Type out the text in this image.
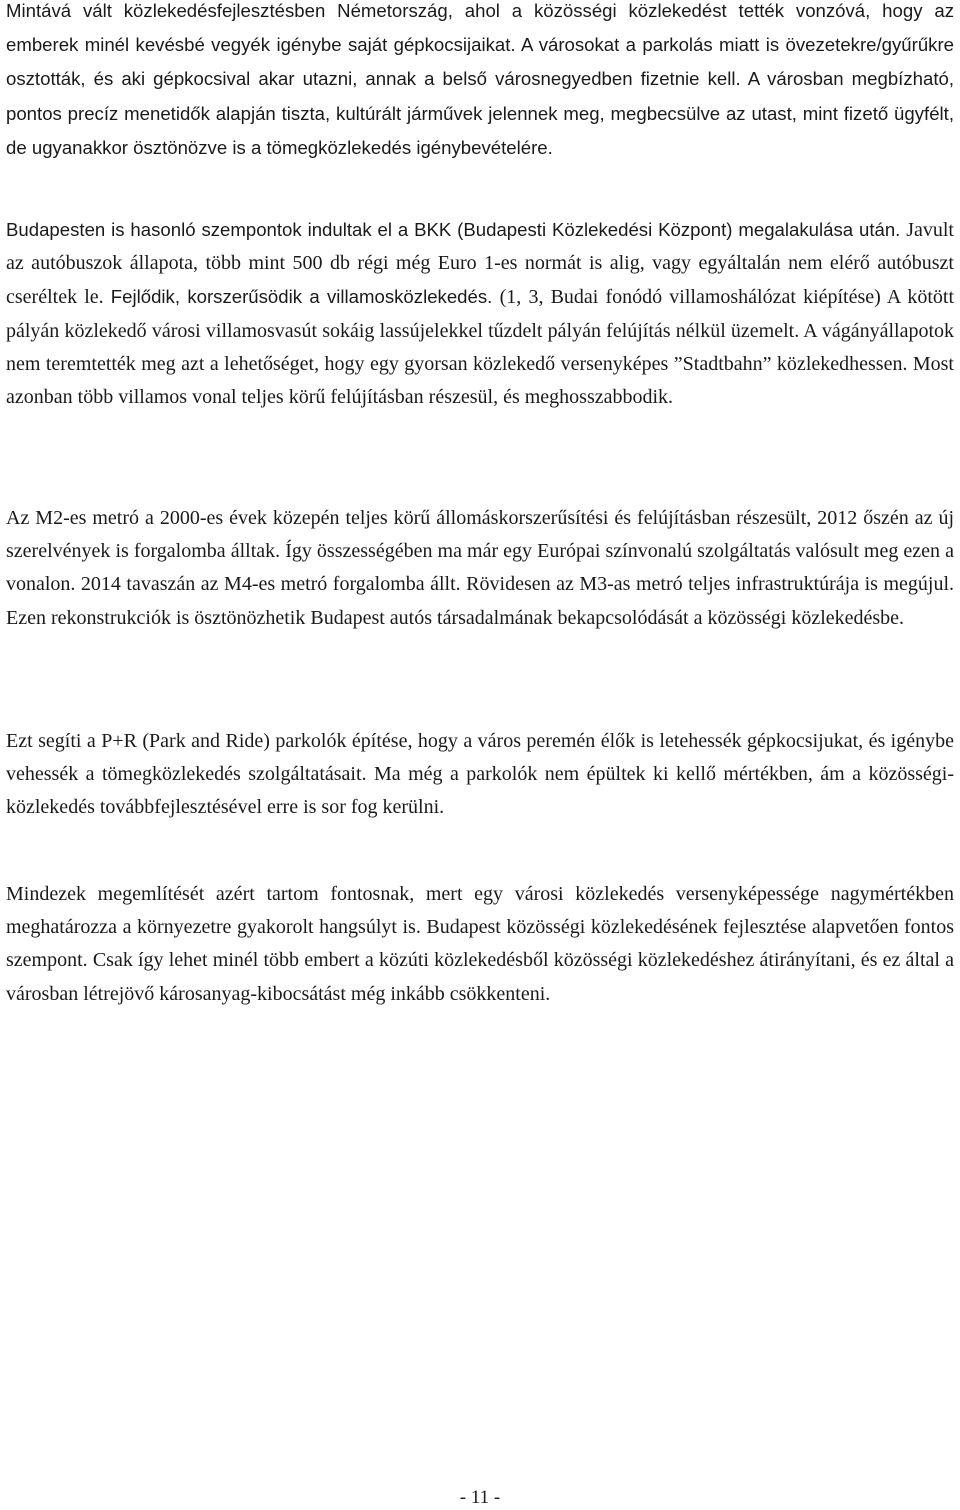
Mintává vált közlekedésfejlesztésben Németország, ahol a közösségi közlekedést tették vonzóvá, hogy az emberek minél kevésbé vegyék igénybe saját gépkocsijaikat. A városokat a parkolás miatt is övezetekre/gyűrűkre osztották, és aki gépkocsival akar utazni, annak a belső városnegyedben fizetnie kell. A városban megbízható, pontos precíz menetidők alapján tiszta, kultúrált járművek jelennek meg, megbecsülve az utast, mint fizető ügyfélt, de ugyanakkor ösztönözve is a tömegközlekedés igénybevételére.

Budapesten is hasonló szempontok indultak el a BKK (Budapesti Közlekedési Központ) megalakulása után. Javult az autóbuszok állapota, több mint 500 db régi még Euro 1-es normát is alig, vagy egyáltalán nem elérő autóbuszt cseréltek le. Fejlődik, korszerűsödik a villamosközlekedés. (1, 3, Budai fonódó villamoshálózat kiépítése) A kötött pályán közlekedő városi villamosvasút sokáig lassújelekkel tűzdelt pályán felújítás nélkül üzemelt. A vágányállapotok nem teremtették meg azt a lehetőséget, hogy egy gyorsan közlekedő versenyképes ”Stadtbahn” közlekedhessen. Most azonban több villamos vonal teljes körű felújításban részesül, és meghosszabbodik.

Az M2-es metró a 2000-es évek közepén teljes körű állomáskorszerűsítési és felújításban részesült, 2012 őszén az új szerelvények is forgalomba álltak. Így összességében ma már egy Európai színvonalú szolgáltatás valósult meg ezen a vonalon. 2014 tavaszán az M4-es metró forgalomba állt. Rövidesen az M3-as metró teljes infrastruktúrája is megújul. Ezen rekonstrukciók is ösztönözhetik Budapest autós társadalmának bekapcsolódását a közösségi közlekedésbe.

Ezt segíti a P+R (Park and Ride) parkolók építése, hogy a város peremén élők is letehessék gépkocsijukat, és igénybe vehessék a tömegközlekedés szolgáltatásait. Ma még a parkolók nem épültek ki kellő mértékben, ám a közösségi-közlekedés továbbfejlesztésével erre is sor fog kerülni.

Mindezek megemlítését azért tartom fontosnak, mert egy városi közlekedés versenyképessége nagymértékben meghatározza a környezetre gyakorolt hangsúlyt is. Budapest közösségi közlekedésének fejlesztése alapvetően fontos szempont. Csak így lehet minél több embert a közúti közlekedésből közösségi közlekedéshez átirányítani, és ez által a városban létrejövő károsanyag-kibocsátást még inkább csökkenteni.

- 11 -
